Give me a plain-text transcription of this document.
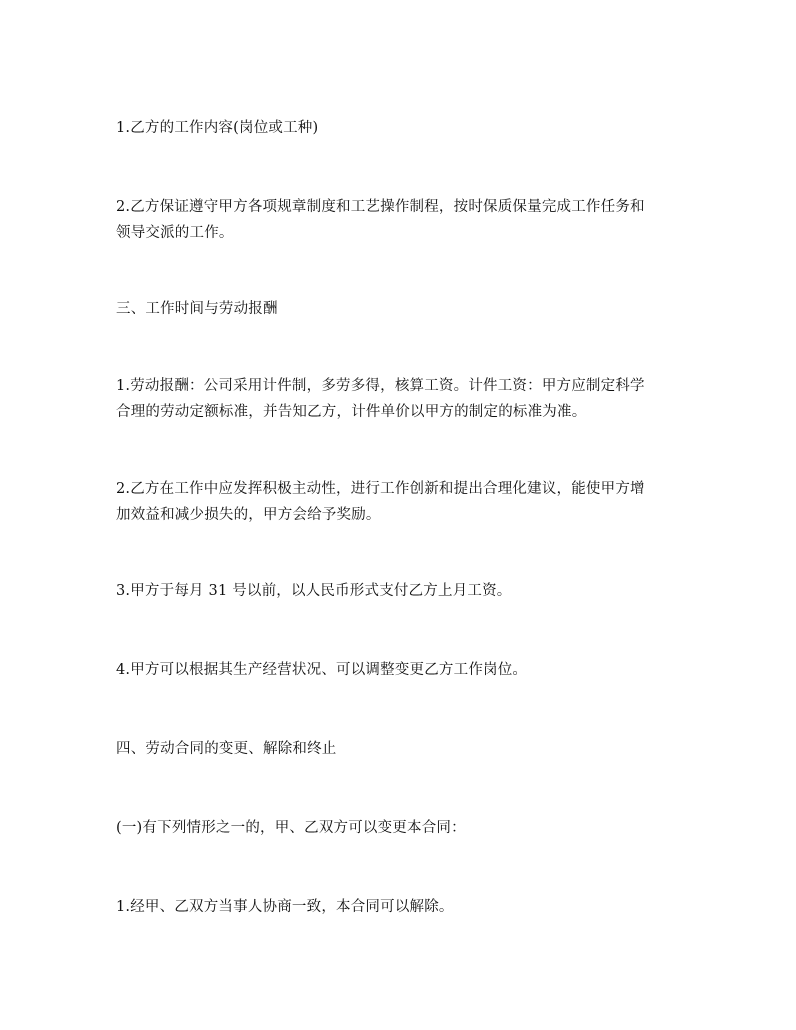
1.乙方的工作内容(岗位或工种)

2.乙方保证遵守甲方各项规章制度和工艺操作制程，按时保质保量完成工作任务和
领导交派的工作。

三、工作时间与劳动报酬

1.劳动报酬：公司采用计件制，多劳多得，核算工资。计件工资：甲方应制定科学
合理的劳动定额标准，并告知乙方，计件单价以甲方的制定的标准为准。

2.乙方在工作中应发挥积极主动性，进行工作创新和提出合理化建议，能使甲方增
加效益和减少损失的，甲方会给予奖励。

3.甲方于每月 31 号以前，以人民币形式支付乙方上月工资。

4.甲方可以根据其生产经营状况、可以调整变更乙方工作岗位。

四、劳动合同的变更、解除和终止

(一)有下列情形之一的，甲、乙双方可以变更本合同：

1.经甲、乙双方当事人协商一致，本合同可以解除。
